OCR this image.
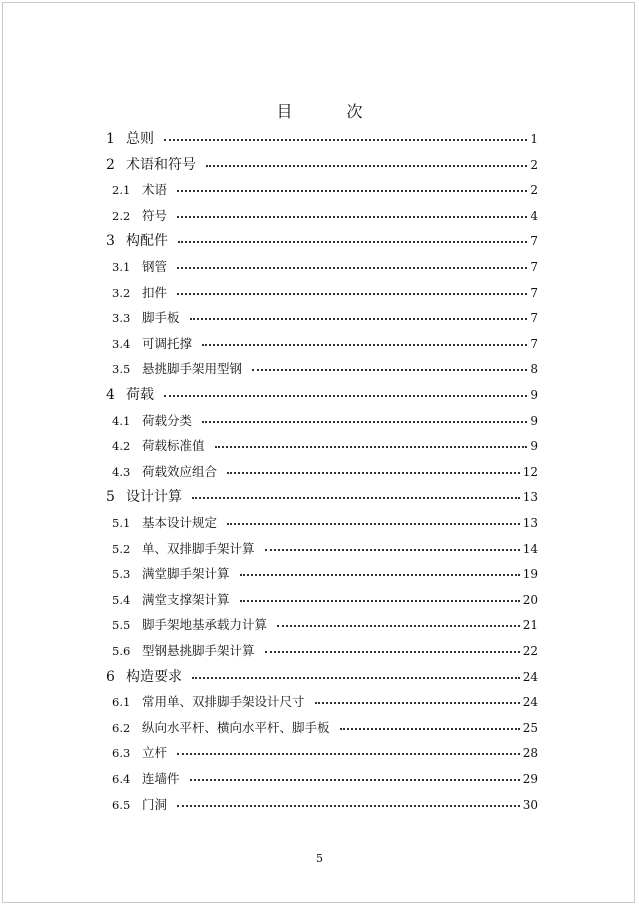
目	次
1 总则	1
2 术语和符号	2
2.1 术语	2
2.2 符号	4
3 构配件	7
3.1 钢管	7
3.2 扣件	7
3.3 脚手板	7
3.4 可调托撑	7
3.5 悬挑脚手架用型钢	8
4 荷载	9
4.1 荷载分类	9
4.2 荷载标准值	9
4.3 荷载效应组合	12
5 设计计算	13
5.1 基本设计规定	13
5.2 单、双排脚手架计算	14
5.3 满堂脚手架计算	19
5.4 满堂支撑架计算	20
5.5 脚手架地基承载力计算	21
5.6 型钢悬挑脚手架计算	22
6 构造要求	24
6.1 常用单、双排脚手架设计尺寸	24
6.2 纵向水平杆、横向水平杆、脚手板	25
6.3 立杆	28
6.4 连墙件	29
6.5 门洞	30
5
